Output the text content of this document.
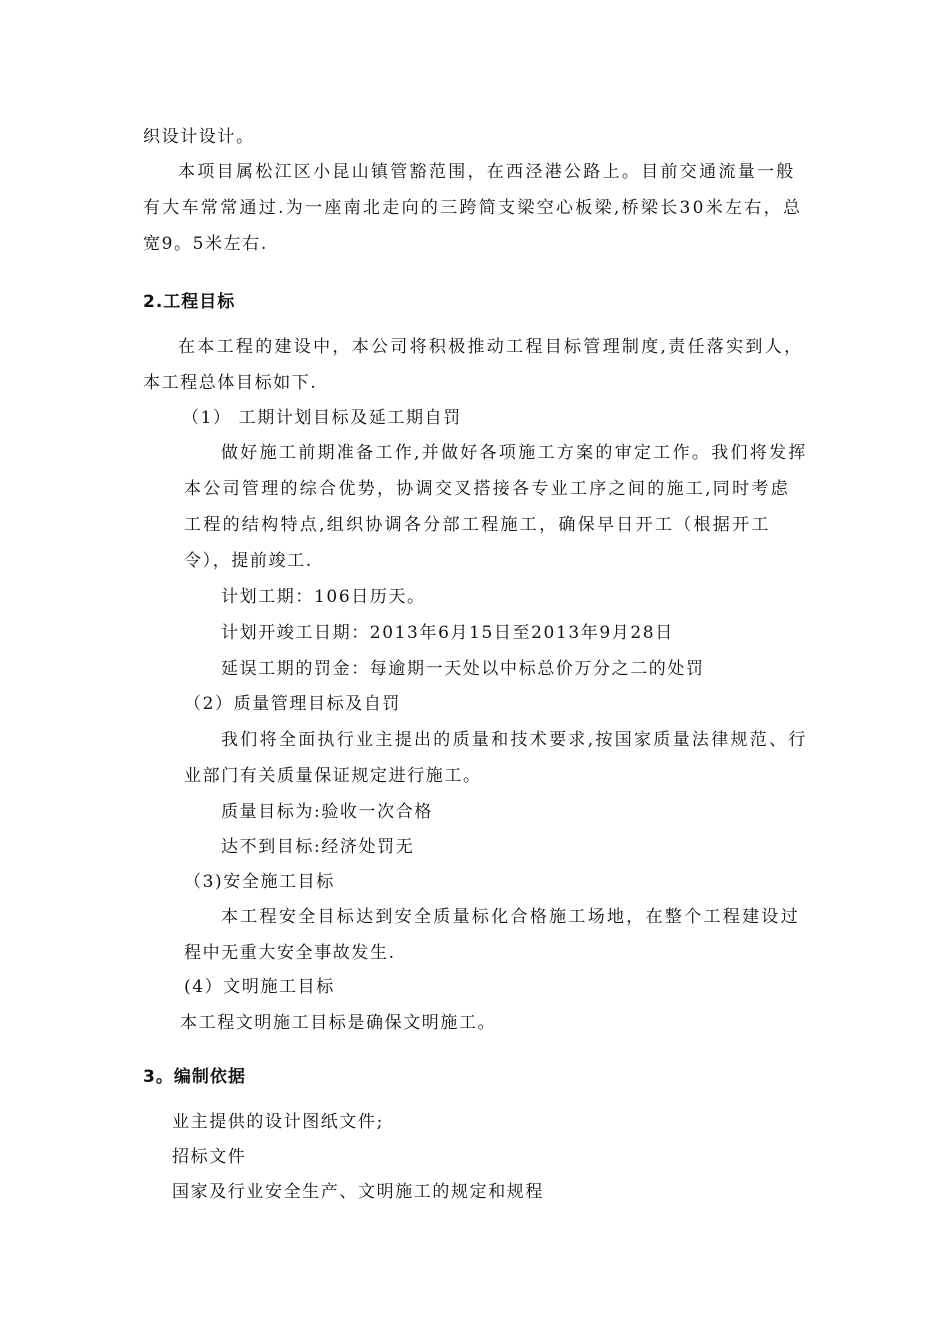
织设计设计。
本项目属松江区小昆山镇管豁范围，在西泾港公路上。目前交通流量一般
有大车常常通过.为一座南北走向的三跨简支梁空心板梁,桥梁长30米左右，总
宽9。5米左右.
2.工程目标
在本工程的建设中，本公司将积极推动工程目标管理制度,责任落实到人，
本工程总体目标如下.
（1） 工期计划目标及延工期自罚
做好施工前期准备工作,并做好各项施工方案的审定工作。我们将发挥
本公司管理的综合优势，协调交叉搭接各专业工序之间的施工,同时考虑
工程的结构特点,组织协调各分部工程施工，确保早日开工（根据开工
令），提前竣工.
计划工期：106日历天。
计划开竣工日期：2013年6月15日至2013年9月28日
延误工期的罚金：每逾期一天处以中标总价万分之二的处罚
（2）质量管理目标及自罚
我们将全面执行业主提出的质量和技术要求,按国家质量法律规范、行
业部门有关质量保证规定进行施工。
质量目标为:验收一次合格
达不到目标:经济处罚无
（3)安全施工目标
本工程安全目标达到安全质量标化合格施工场地，在整个工程建设过
程中无重大安全事故发生.
(4）文明施工目标
本工程文明施工目标是确保文明施工。
3。编制依据
业主提供的设计图纸文件;
招标文件
国家及行业安全生产、文明施工的规定和规程
